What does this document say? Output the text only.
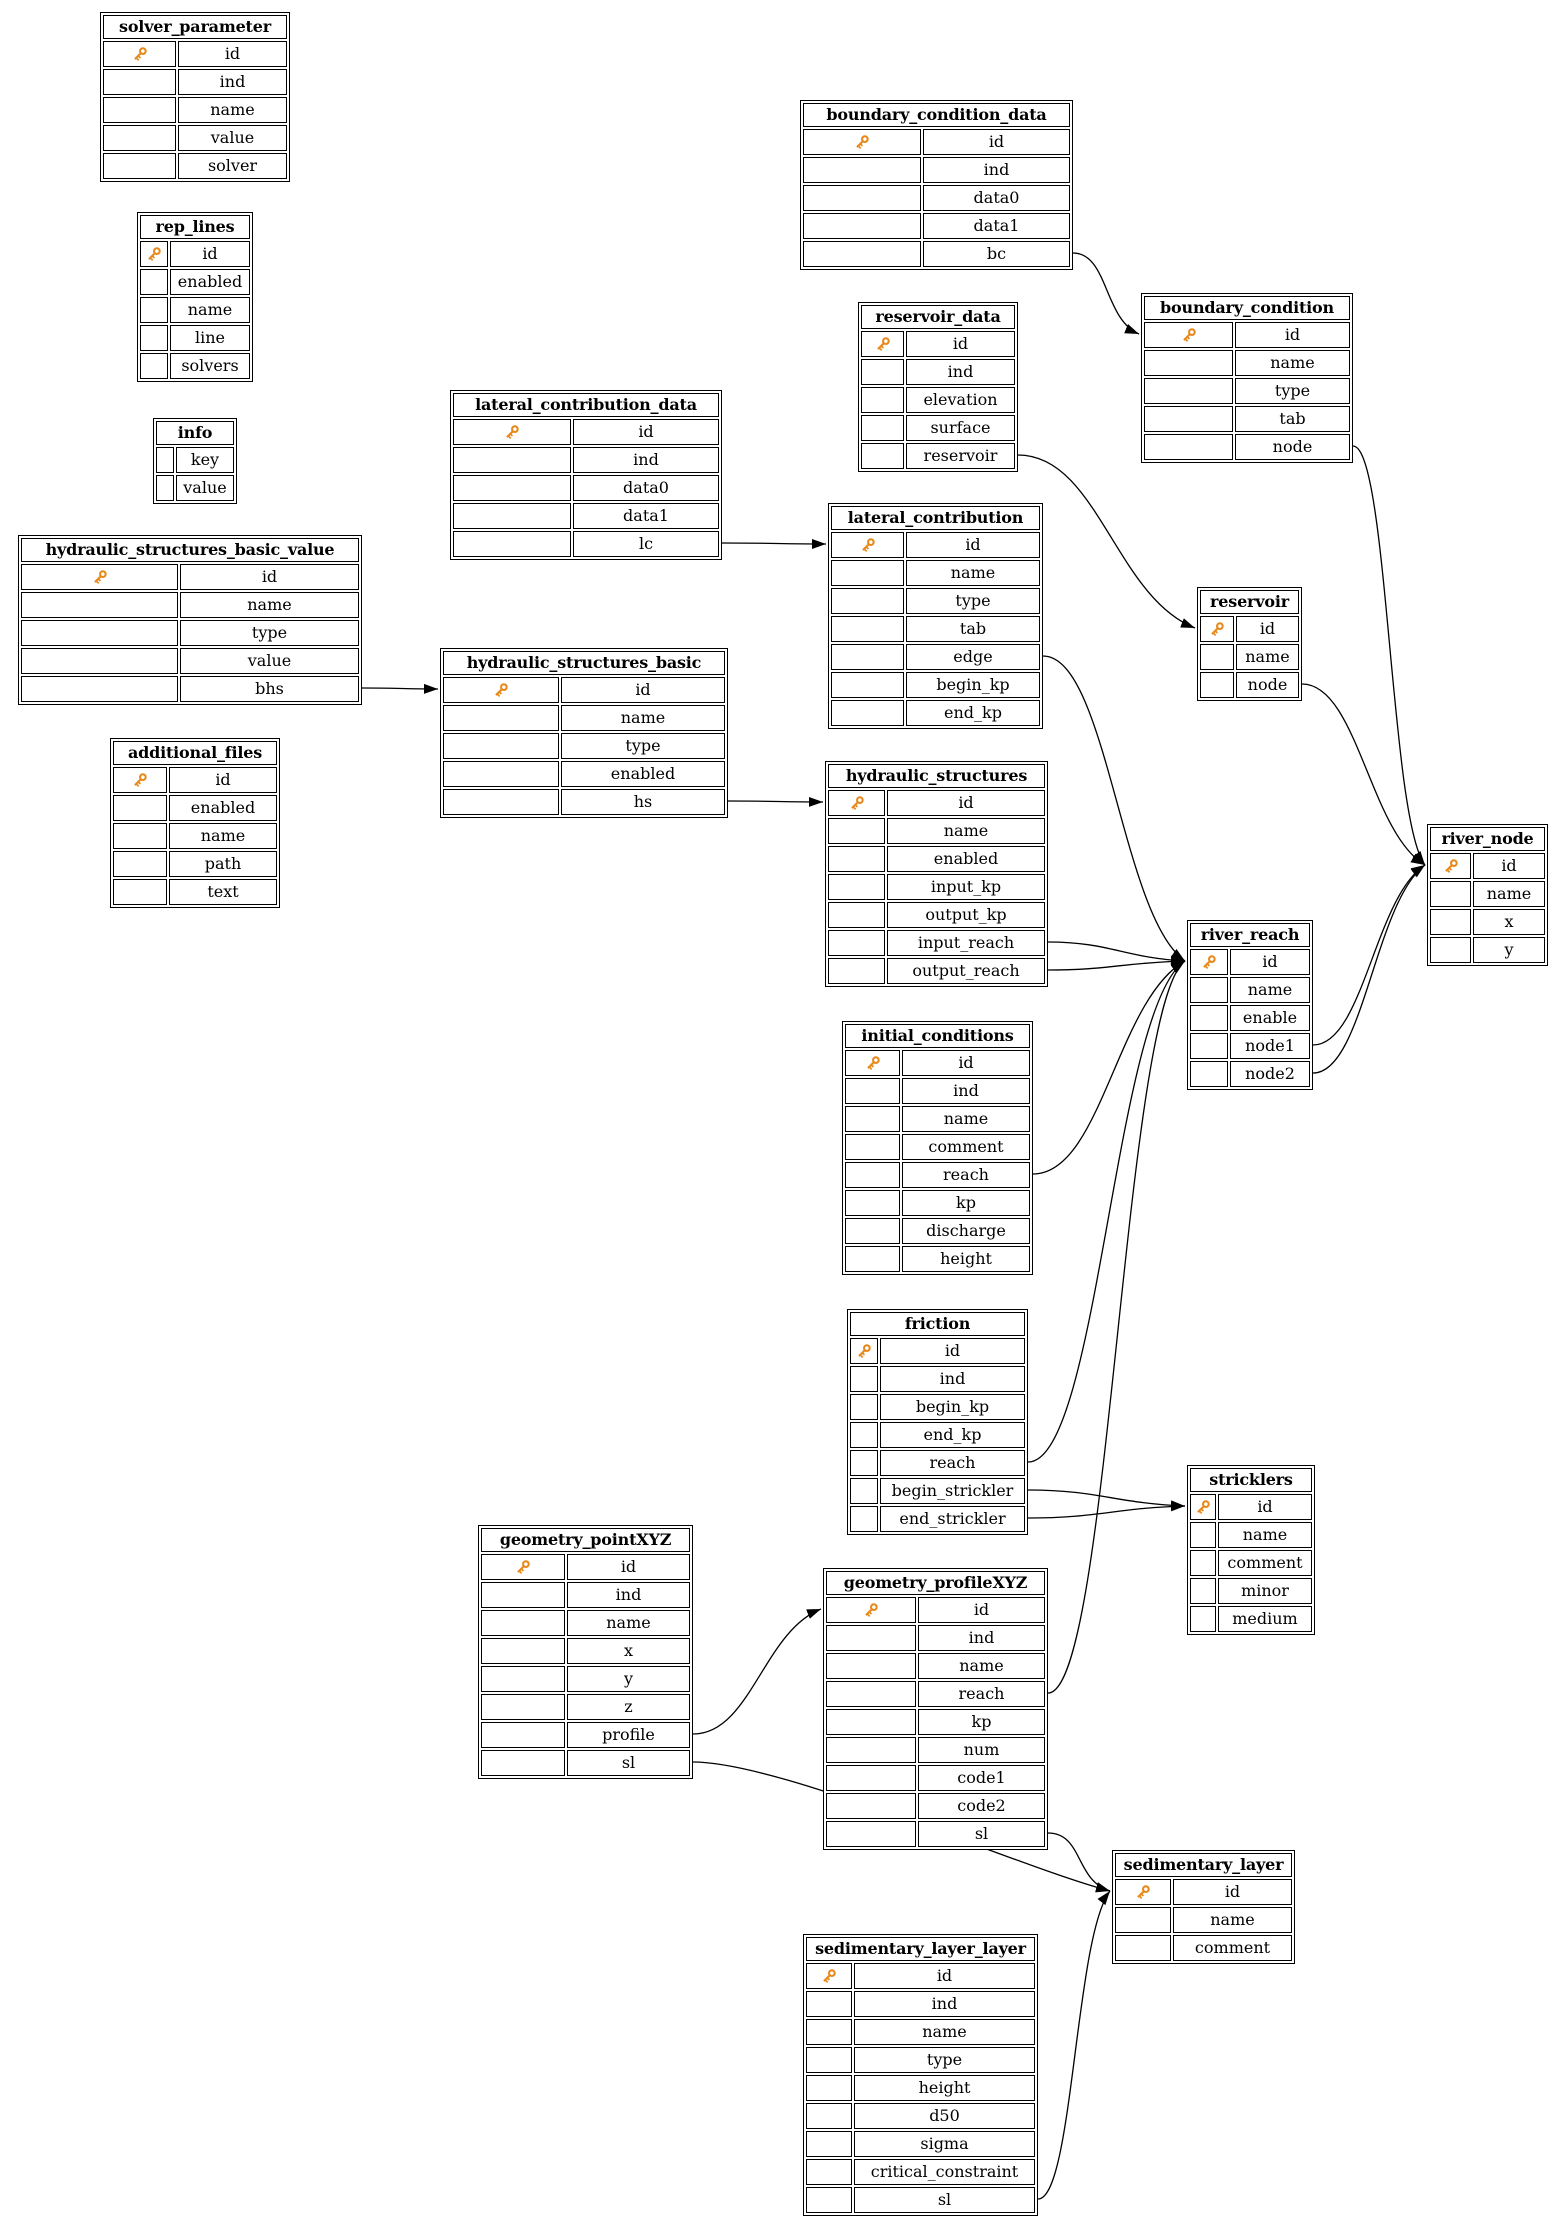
solver_parameter
id
ind
name
value
solver
rep_lines
id
enabled
name
line
solvers
info
key
value
hydraulic_structures_basic_value
id
name
type
value
bhs
additional_files
id
enabled
name
path
text
lateral_contribution_data
id
ind
data0
data1
lc
hydraulic_structures_basic
id
name
type
enabled
hs
boundary_condition_data
id
ind
data0
data1
bc
reservoir_data
id
ind
elevation
surface
reservoir
lateral_contribution
id
name
type
tab
edge
begin_kp
end_kp
hydraulic_structures
id
name
enabled
input_kp
output_kp
input_reach
output_reach
initial_conditions
id
ind
name
comment
reach
kp
discharge
height
friction
id
ind
begin_kp
end_kp
reach
begin_strickler
end_strickler
geometry_pointXYZ
id
ind
name
x
y
z
profile
sl
geometry_profileXYZ
id
ind
name
reach
kp
num
code1
code2
sl
boundary_condition
id
name
type
tab
node
reservoir
id
name
node
river_reach
id
name
enable
node1
node2
river_node
id
name
x
y
stricklers
id
name
comment
minor
medium
sedimentary_layer
id
name
comment
sedimentary_layer_layer
id
ind
name
type
height
d50
sigma
critical_constraint
sl
